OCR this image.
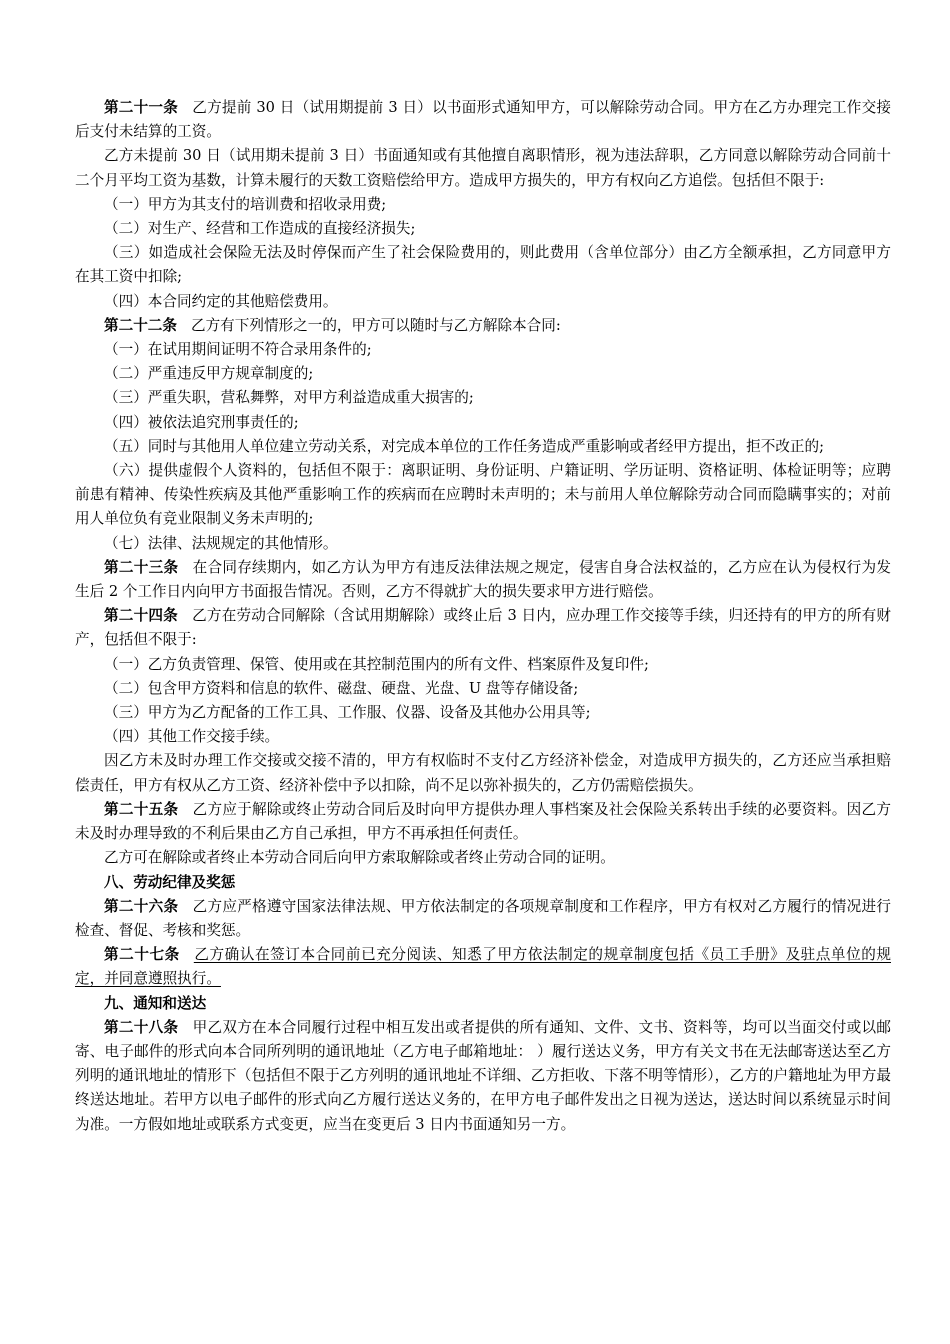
第二十一条 乙方提前 30 日（试用期提前 3 日）以书面形式通知甲方，可以解除劳动合同。甲方在乙方办理完工作交接后支付未结算的工资。

乙方未提前 30 日（试用期未提前 3 日）书面通知或有其他擅自离职情形，视为违法辞职，乙方同意以解除劳动合同前十二个月平均工资为基数，计算未履行的天数工资赔偿给甲方。造成甲方损失的，甲方有权向乙方追偿。包括但不限于:

（一）甲方为其支付的培训费和招收录用费;

（二）对生产、经营和工作造成的直接经济损失;

（三）如造成社会保险无法及时停保而产生了社会保险费用的，则此费用（含单位部分）由乙方全额承担，乙方同意甲方在其工资中扣除;

（四）本合同约定的其他赔偿费用。

第二十二条 乙方有下列情形之一的，甲方可以随时与乙方解除本合同:

（一）在试用期间证明不符合录用条件的;

（二）严重违反甲方规章制度的;

（三）严重失职，营私舞弊，对甲方利益造成重大损害的;

（四）被依法追究刑事责任的;

（五）同时与其他用人单位建立劳动关系，对完成本单位的工作任务造成严重影响或者经甲方提出，拒不改正的;

（六）提供虚假个人资料的，包括但不限于：离职证明、身份证明、户籍证明、学历证明、资格证明、体检证明等；应聘前患有精神、传染性疾病及其他严重影响工作的疾病而在应聘时未声明的；未与前用人单位解除劳动合同而隐瞒事实的；对前用人单位负有竞业限制义务未声明的;

（七）法律、法规规定的其他情形。

第二十三条 在合同存续期内，如乙方认为甲方有违反法律法规之规定，侵害自身合法权益的，乙方应在认为侵权行为发生后 2 个工作日内向甲方书面报告情况。否则，乙方不得就扩大的损失要求甲方进行赔偿。

第二十四条 乙方在劳动合同解除（含试用期解除）或终止后 3 日内，应办理工作交接等手续，归还持有的甲方的所有财产，包括但不限于:

（一）乙方负责管理、保管、使用或在其控制范围内的所有文件、档案原件及复印件;

（二）包含甲方资料和信息的软件、磁盘、硬盘、光盘、U 盘等存储设备;

（三）甲方为乙方配备的工作工具、工作服、仪器、设备及其他办公用具等;

（四）其他工作交接手续。

因乙方未及时办理工作交接或交接不清的，甲方有权临时不支付乙方经济补偿金，对造成甲方损失的，乙方还应当承担赔偿责任，甲方有权从乙方工资、经济补偿中予以扣除，尚不足以弥补损失的，乙方仍需赔偿损失。

第二十五条 乙方应于解除或终止劳动合同后及时向甲方提供办理人事档案及社会保险关系转出手续的必要资料。因乙方未及时办理导致的不利后果由乙方自己承担，甲方不再承担任何责任。

乙方可在解除或者终止本劳动合同后向甲方索取解除或者终止劳动合同的证明。

八、劳动纪律及奖惩

第二十六条 乙方应严格遵守国家法律法规、甲方依法制定的各项规章制度和工作程序，甲方有权对乙方履行的情况进行检查、督促、考核和奖惩。

第二十七条 乙方确认在签订本合同前已充分阅读、知悉了甲方依法制定的规章制度包括《员工手册》及驻点单位的规定，并同意遵照执行。

九、通知和送达

第二十八条 甲乙双方在本合同履行过程中相互发出或者提供的所有通知、文件、文书、资料等，均可以当面交付或以邮寄、电子邮件的形式向本合同所列明的通讯地址（乙方电子邮箱地址： ）履行送达义务，甲方有关文书在无法邮寄送达至乙方列明的通讯地址的情形下（包括但不限于乙方列明的通讯地址不详细、乙方拒收、下落不明等情形），乙方的户籍地址为甲方最终送达地址。若甲方以电子邮件的形式向乙方履行送达义务的，在甲方电子邮件发出之日视为送达，送达时间以系统显示时间为准。一方假如地址或联系方式变更，应当在变更后 3 日内书面通知另一方。
